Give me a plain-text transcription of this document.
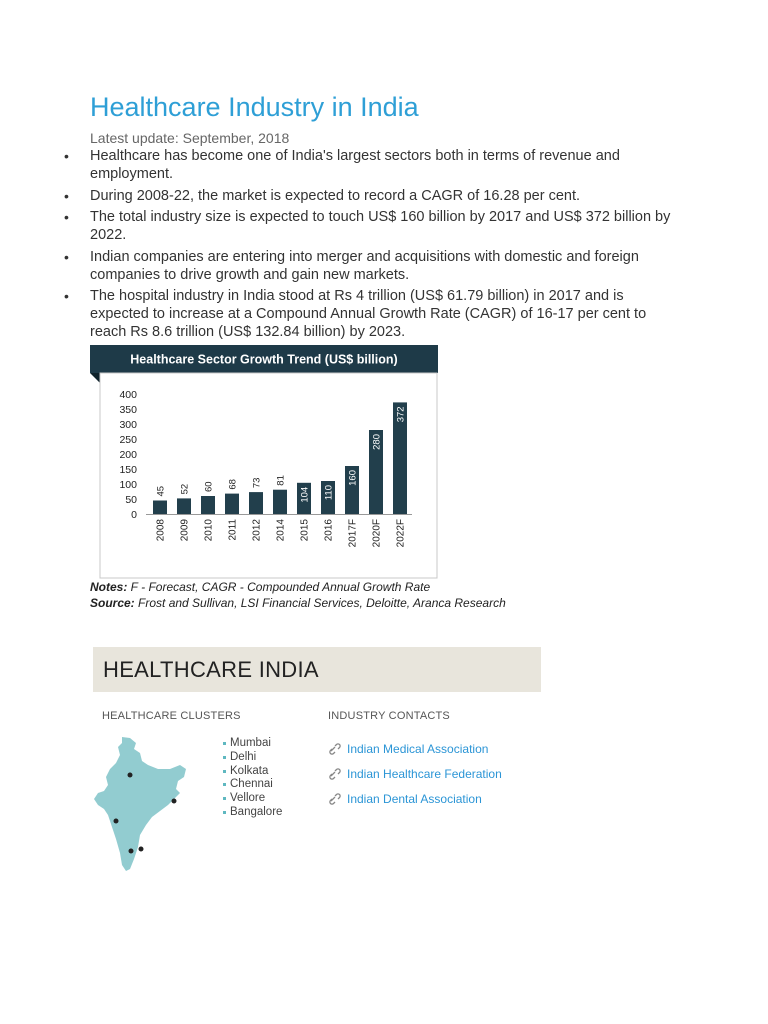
Healthcare Industry in India
Latest update: September, 2018
• Healthcare has become one of India's largest sectors both in terms of revenue and employment.
• During 2008-22, the market is expected to record a CAGR of 16.28 per cent.
• The total industry size is expected to touch US$ 160 billion by 2017 and US$ 372 billion by 2022.
• Indian companies are entering into merger and acquisitions with domestic and foreign companies to drive growth and gain new markets.
• The hospital industry in India stood at Rs 4 trillion (US$ 61.79 billion) in 2017 and is expected to increase at a Compound Annual Growth Rate (CAGR) of 16-17 per cent to reach Rs 8.6 trillion (US$ 132.84 billion) by 2023.
Healthcare Sector Growth Trend (US$ billion)
0
50
100
150
200
250
300
350
400
45
2008
52
2009
60
2010
68
2011
73
2012
81
2014
104
2015
110
2016
160
2017F
280
2020F
372
2022F
Notes: F - Forecast, CAGR - Compounded Annual Growth Rate
Source: Frost and Sullivan, LSI Financial Services, Deloitte, Aranca Research
HEALTHCARE INDIA
HEALTHCARE CLUSTERS	INDUSTRY CONTACTS
Mumbai
Delhi
Kolkata
Chennai
Vellore
Bangalore
Indian Medical Association
Indian Healthcare Federation
Indian Dental Association
